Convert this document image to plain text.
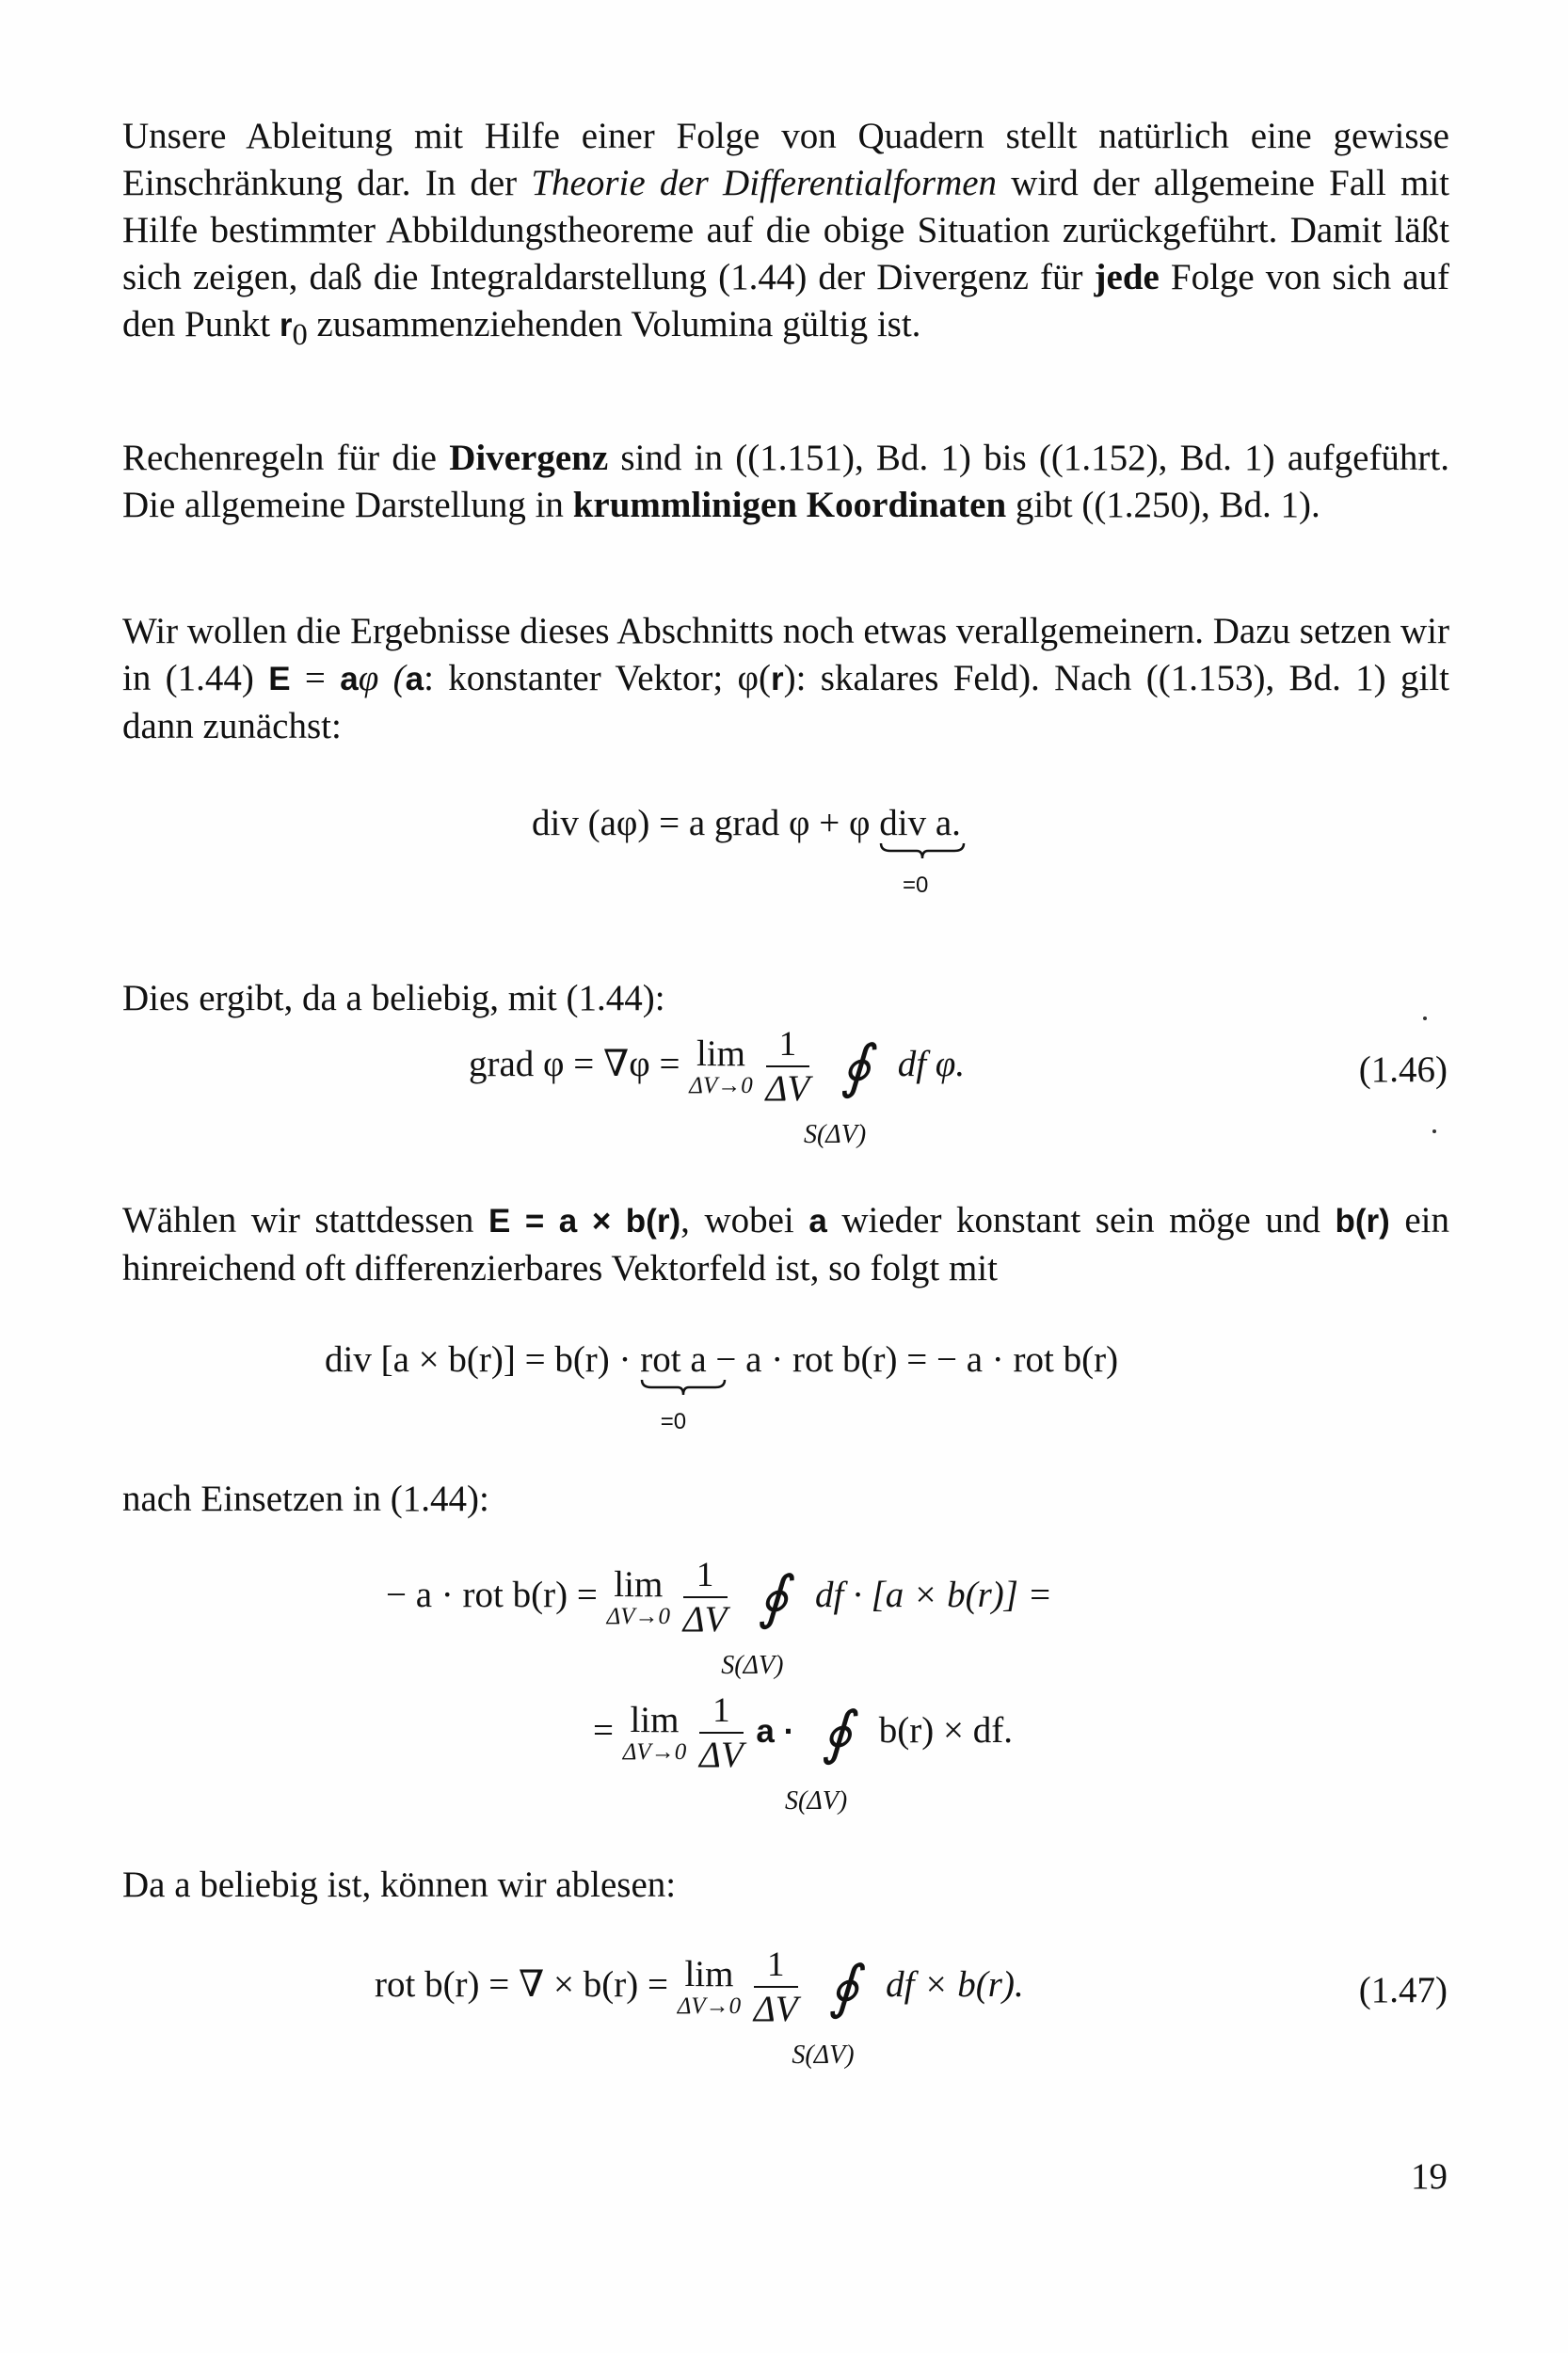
Unsere Ableitung mit Hilfe einer Folge von Quadern stellt natürlich eine gewisse Einschränkung dar. In der Theorie der Differentialformen wird der allgemeine Fall mit Hilfe bestimmter Abbildungstheoreme auf die obige Situation zurückgeführt. Damit läßt sich zeigen, daß die Integraldarstellung (1.44) der Divergenz für jede Folge von sich auf den Punkt $r_0$ zusammenziehenden Volumina gültig ist.

Rechenregeln für die Divergenz sind in ((1.151), Bd. 1) bis ((1.152), Bd. 1) aufgeführt. Die allgemeine Darstellung in krummlinigen Koordinaten gibt ((1.250), Bd. 1).

Wir wollen die Ergebnisse dieses Abschnitts noch etwas verallgemeinern. Dazu setzen wir in (1.44) E = aφ (a: konstanter Vektor; φ(r): skalares Feld). Nach ((1.153), Bd. 1) gilt dann zunächst:

div (aφ) = a grad φ + φ div a
=0
.

Dies ergibt, da a beliebig, mit (1.44):

grad φ = ∇φ = lim
ΔV→0
$\frac{1}{\Delta V}$
∮
S(ΔV)
df φ.	(1.46)

Wählen wir stattdessen E = a × b(r), wobei a wieder konstant sein möge und b(r) ein hinreichend oft differenzierbares Vektorfeld ist, so folgt mit

div [a × b(r)] = b(r) · rot a
=0
− a · rot b(r) = − a · rot b(r)

nach Einsetzen in (1.44):

− a · rot b(r) = lim
ΔV→0
$\frac{1}{\Delta V}$
∮
S(ΔV)
df · [a × b(r)] =
= lim
ΔV→0
$\frac{1}{\Delta V}$ a · ∮
S(ΔV)
b(r) × df.

Da a beliebig ist, können wir ablesen:

rot b(r) = ∇ × b(r) = lim
ΔV→0
$\frac{1}{\Delta V}$
∮
S(ΔV)
df × b(r).	(1.47)
19
